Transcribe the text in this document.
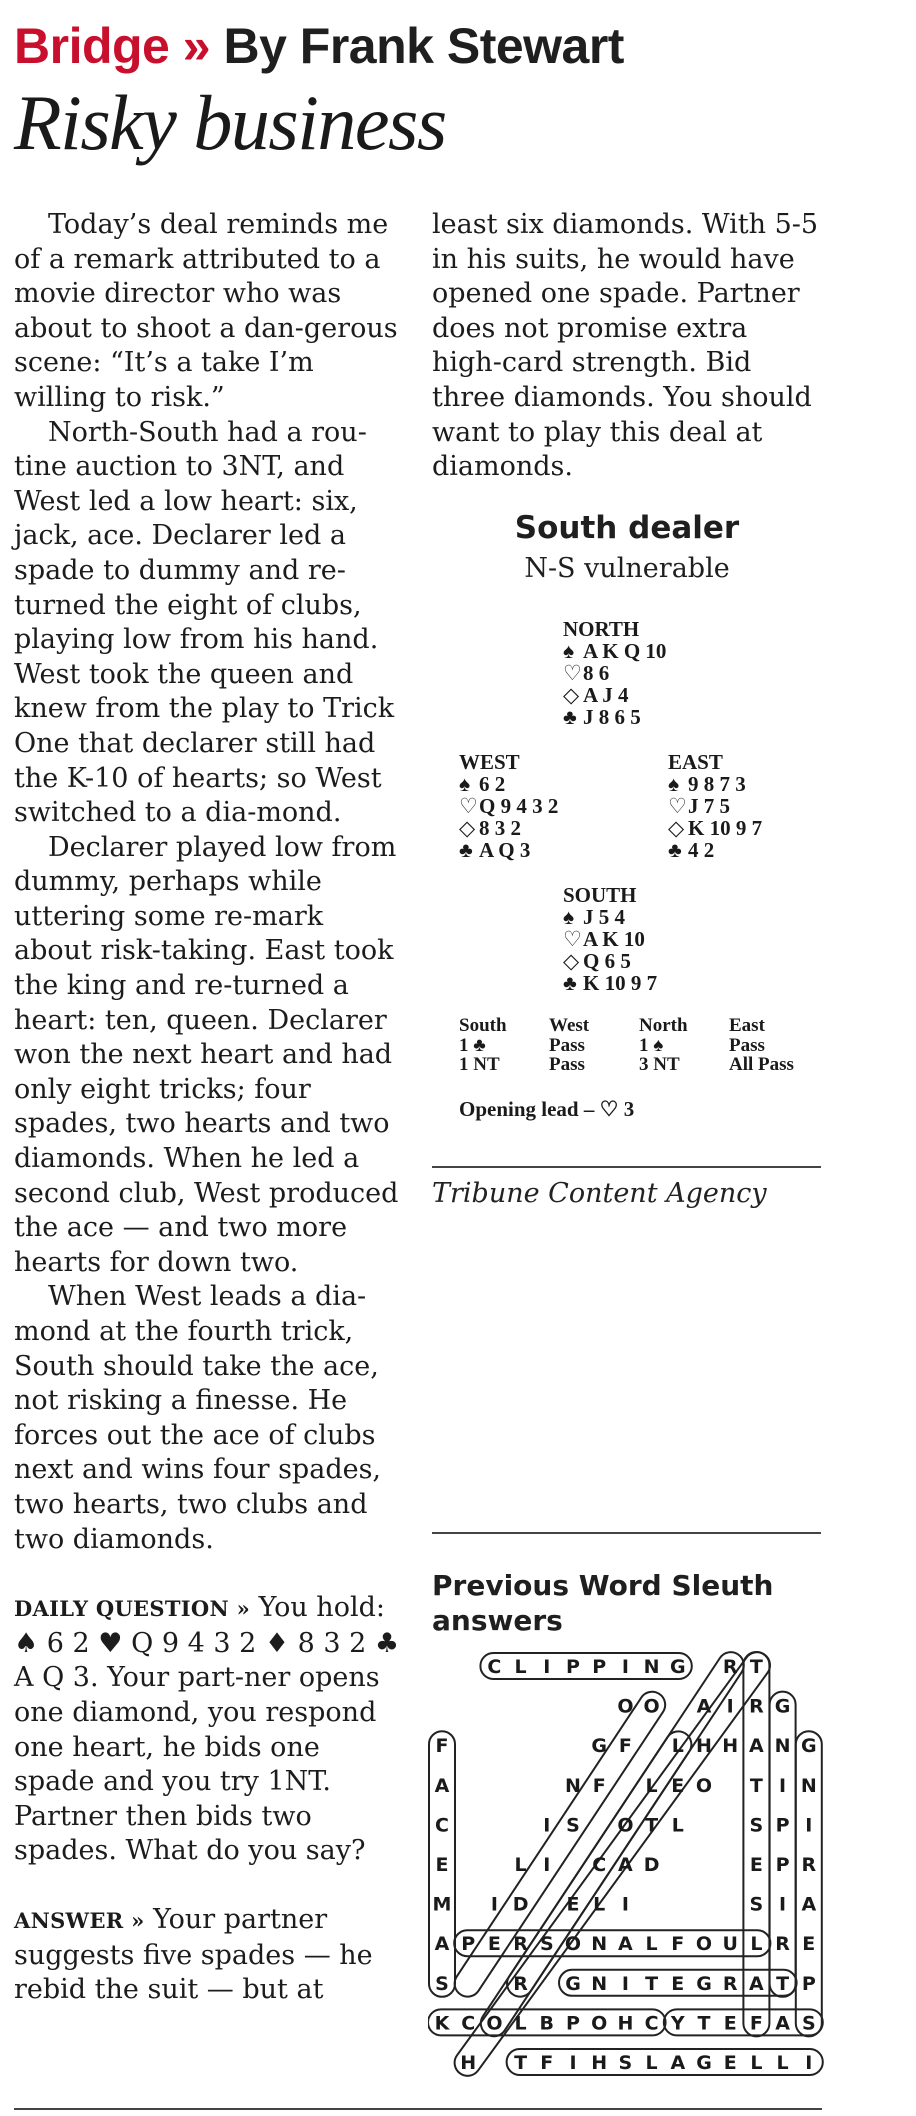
Bridge » By Frank Stewart
Risky business

Today’s deal reminds me of a remark attributed to a movie director who was about to shoot a dan-gerous scene: “It’s a take I’m willing to risk.”

North-South had a rou-tine auction to 3NT, and West led a low heart: six, jack, ace. Declarer led a spade to dummy and re-turned the eight of clubs, playing low from his hand. West took the queen and knew from the play to Trick One that declarer still had the K-10 of hearts; so West switched to a dia-mond.

Declarer played low from dummy, perhaps while uttering some re-mark about risk-taking. East took the king and re-turned a heart: ten, queen. Declarer won the next heart and had only eight tricks; four spades, two hearts and two diamonds. When he led a second club, West produced the ace — and two more hearts for down two.

When West leads a dia-mond at the fourth trick, South should take the ace, not risking a finesse. He forces out the ace of clubs next and wins four spades, two hearts, two clubs and two diamonds.

DAILY QUESTION » You hold: ♠ 6 2 ♥ Q 9 4 3 2 ♦ 8 3 2 ♣ A Q 3. Your part-ner opens one diamond, you respond one heart, he bids one spade and you try 1NT. Partner then bids two spades. What do you say?

ANSWER » Your partner suggests five spades — he rebid the suit — but at

least six diamonds. With 5-5 in his suits, he would have opened one spade. Partner does not promise extra high-card strength. Bid three diamonds. You should want to play this deal at diamonds.

South dealer
N-S vulnerable
NORTH
♠ A K Q 10
♡8 6
◇ A J 4
♣ J 8 6 5
WEST
♠ 6 2
♡Q 9 4 3 2
◇ 8 3 2
♣ A Q 3
EAST
♠ 9 8 7 3
♡J 7 5
◇ K 10 9 7
♣ 4 2
SOUTH
♠ J 5 4
♡A K 10
◇ Q 6 5
♣ K 10 9 7
South	West	North	East
1 ♣	Pass	1 ♠	Pass
1 NT	Pass	3 NT	All Pass
Opening lead – ♡ 3
Tribune Content Agency
Previous Word Sleuth answers
C L I P P I N G R T
O O A I R G
F	G F L H H A N G
A	N F L E O T I N
C	I S O T L	S P I
E	L I C A D	E P R
M I D E L I	S I A
A P E R S O N A L F O U L R E
S	R G N I T E G R A T P
K C O L B P O H C Y T E F A S
H T F I H S L A G E L L I
